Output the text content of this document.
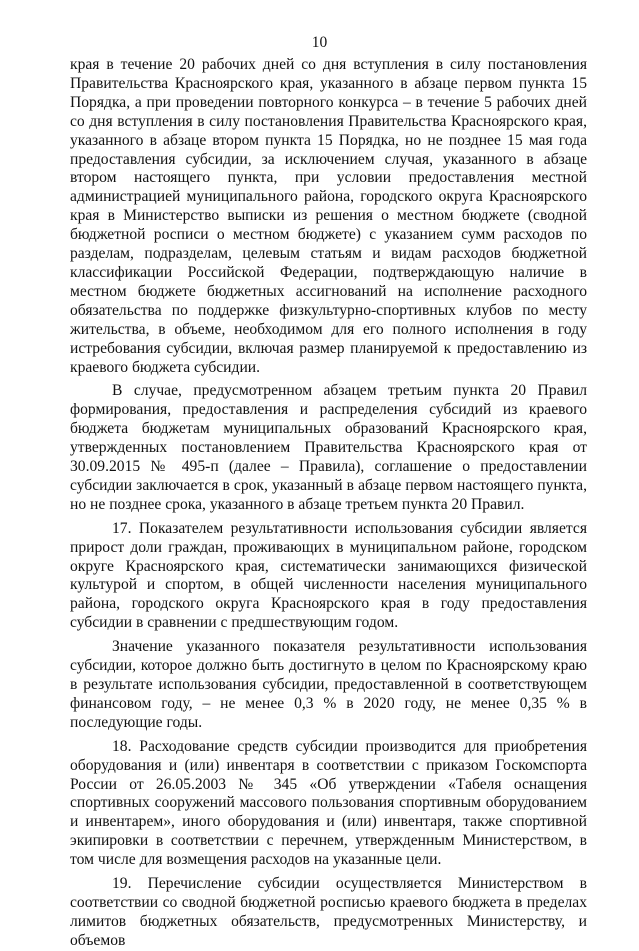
10

края в течение 20 рабочих дней со дня вступления в силу постановления Правительства Красноярского края, указанного в абзаце первом пункта 15 Порядка, а при проведении повторного конкурса – в течение 5 рабочих дней со дня вступления в силу постановления Правительства Красноярского края, указанного в абзаце втором пункта 15 Порядка, но не позднее 15 мая года предоставления субсидии, за исключением случая, указанного в абзаце втором настоящего пункта, при условии предоставления местной администрацией муниципального района, городского округа Красноярского края в Министерство выписки из решения о местном бюджете (сводной бюджетной росписи о местном бюджете) с указанием сумм расходов по разделам, подразделам, целевым статьям и видам расходов бюджетной классификации Российской Федерации, подтверждающую наличие в местном бюджете бюджетных ассигнований на исполнение расходного обязательства по поддержке физкультурно-спортивных клубов по месту жительства, в объеме, необходимом для его полного исполнения в году истребования субсидии, включая размер планируемой к предоставлению из краевого бюджета субсидии.

В случае, предусмотренном абзацем третьим пункта 20 Правил формирования, предоставления и распределения субсидий из краевого бюджета бюджетам муниципальных образований Красноярского края, утвержденных постановлением Правительства Красноярского края от 30.09.2015 № 495-п (далее – Правила), соглашение о предоставлении субсидии заключается в срок, указанный в абзаце первом настоящего пункта, но не позднее срока, указанного в абзаце третьем пункта 20 Правил.

17. Показателем результативности использования субсидии является прирост доли граждан, проживающих в муниципальном районе, городском округе Красноярского края, систематически занимающихся физической культурой и спортом, в общей численности населения муниципального района, городского округа Красноярского края в году предоставления субсидии в сравнении с предшествующим годом.

Значение указанного показателя результативности использования субсидии, которое должно быть достигнуто в целом по Красноярскому краю в результате использования субсидии, предоставленной в соответствующем финансовом году, – не менее 0,3 % в 2020 году, не менее 0,35 % в последующие годы.

18. Расходование средств субсидии производится для приобретения оборудования и (или) инвентаря в соответствии с приказом Госкомспорта России от 26.05.2003 № 345 «Об утверждении «Табеля оснащения спортивных сооружений массового пользования спортивным оборудованием и инвентарем», иного оборудования и (или) инвентаря, также спортивной экипировки в соответствии с перечнем, утвержденным Министерством, в том числе для возмещения расходов на указанные цели.

19. Перечисление субсидии осуществляется Министерством в соответствии со сводной бюджетной росписью краевого бюджета в пределах лимитов бюджетных обязательств, предусмотренных Министерству, и объемов
